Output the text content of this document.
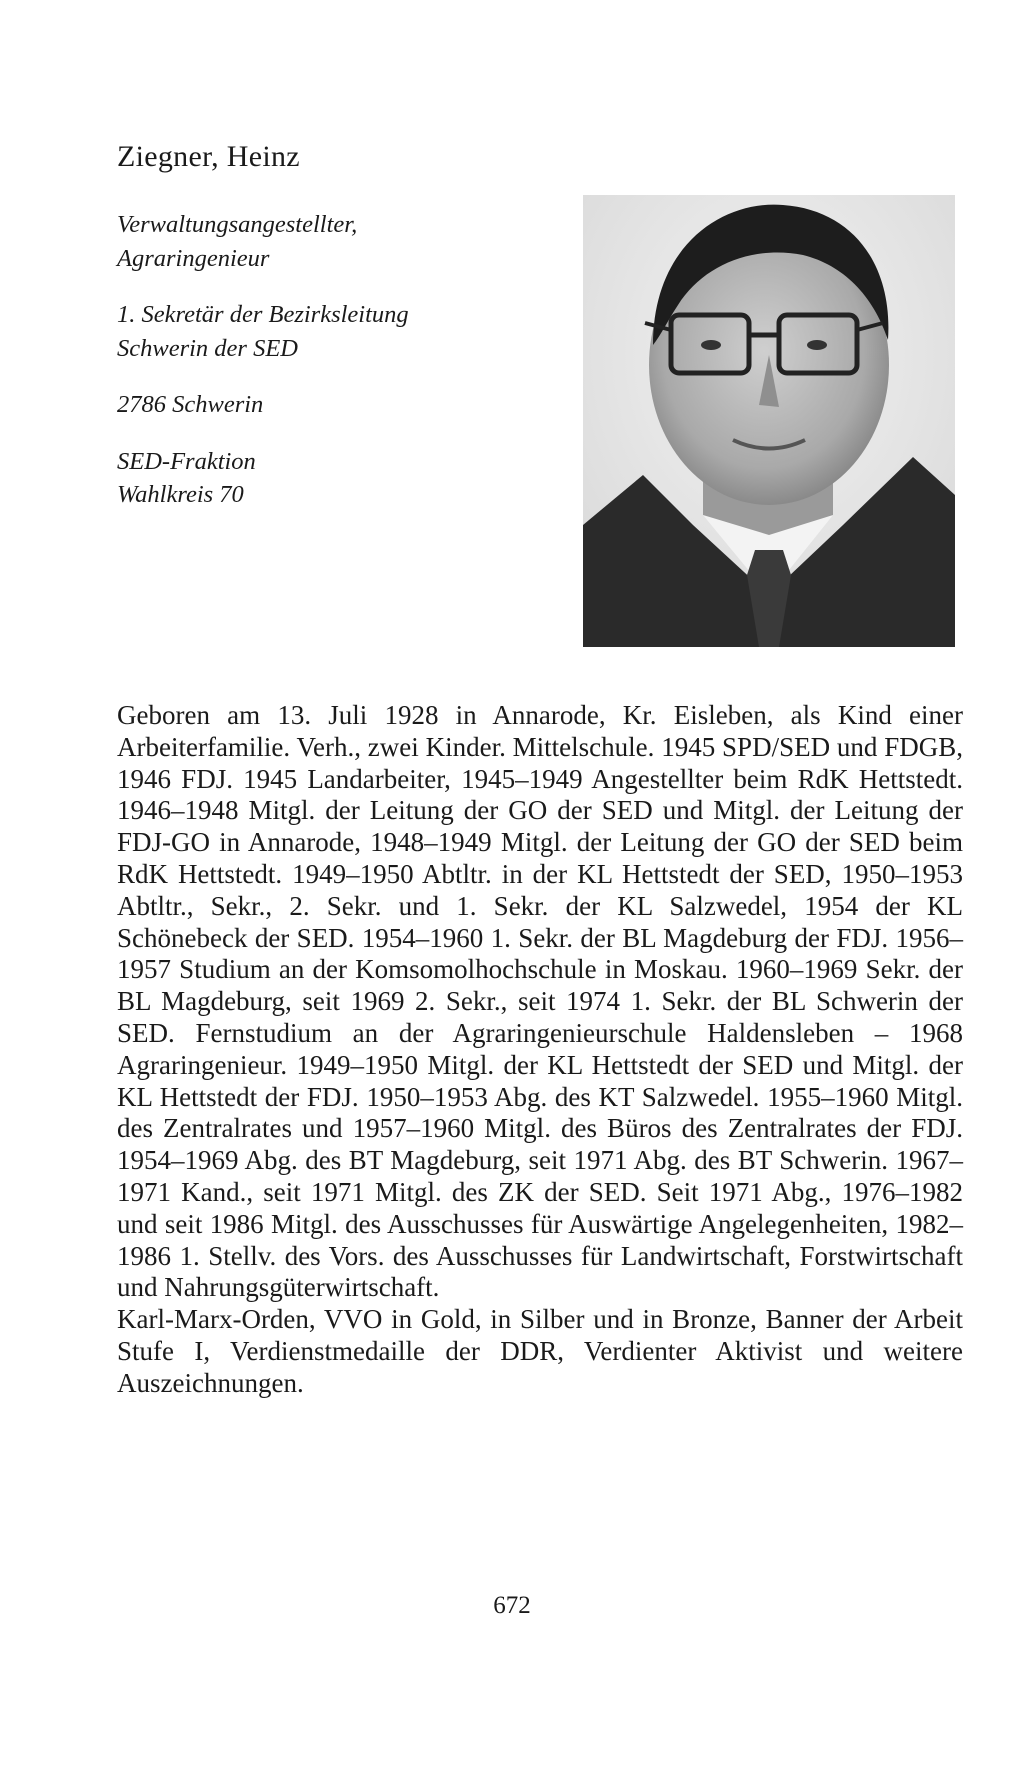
Ziegner, Heinz
Verwaltungsangestellter,
Agraringenieur
1. Sekretär der Bezirksleitung
Schwerin der SED
2786 Schwerin
SED-Fraktion
Wahlkreis 70

Geboren am 13. Juli 1928 in Annarode, Kr. Eisleben, als Kind einer Arbeiterfamilie. Verh., zwei Kinder. Mittelschule. 1945 SPD/SED und FDGB, 1946 FDJ. 1945 Landarbeiter, 1945–1949 Angestellter beim RdK Hettstedt. 1946–1948 Mitgl. der Leitung der GO der SED und Mitgl. der Leitung der FDJ-GO in Annarode, 1948–1949 Mitgl. der Leitung der GO der SED beim RdK Hettstedt. 1949–1950 Abtltr. in der KL Hettstedt der SED, 1950–1953 Abtltr., Sekr., 2. Sekr. und 1. Sekr. der KL Salzwedel, 1954 der KL Schönebeck der SED. 1954–1960 1. Sekr. der BL Magdeburg der FDJ. 1956–1957 Studium an der Komsomolhochschule in Moskau. 1960–1969 Sekr. der BL Magdeburg, seit 1969 2. Sekr., seit 1974 1. Sekr. der BL Schwerin der SED. Fernstudium an der Agraringenieurschule Haldensleben – 1968 Agraringenieur. 1949–1950 Mitgl. der KL Hettstedt der SED und Mitgl. der KL Hettstedt der FDJ. 1950–1953 Abg. des KT Salzwedel. 1955–1960 Mitgl. des Zentralrates und 1957–1960 Mitgl. des Büros des Zentralrates der FDJ. 1954–1969 Abg. des BT Magdeburg, seit 1971 Abg. des BT Schwerin. 1967–1971 Kand., seit 1971 Mitgl. des ZK der SED. Seit 1971 Abg., 1976–1982 und seit 1986 Mitgl. des Ausschusses für Auswärtige Angelegenheiten, 1982–1986 1. Stellv. des Vors. des Ausschusses für Landwirtschaft, Forstwirtschaft und Nahrungsgüterwirtschaft.

Karl-Marx-Orden, VVO in Gold, in Silber und in Bronze, Banner der Arbeit Stufe I, Verdienstmedaille der DDR, Verdienter Aktivist und weitere Auszeichnungen.

672
